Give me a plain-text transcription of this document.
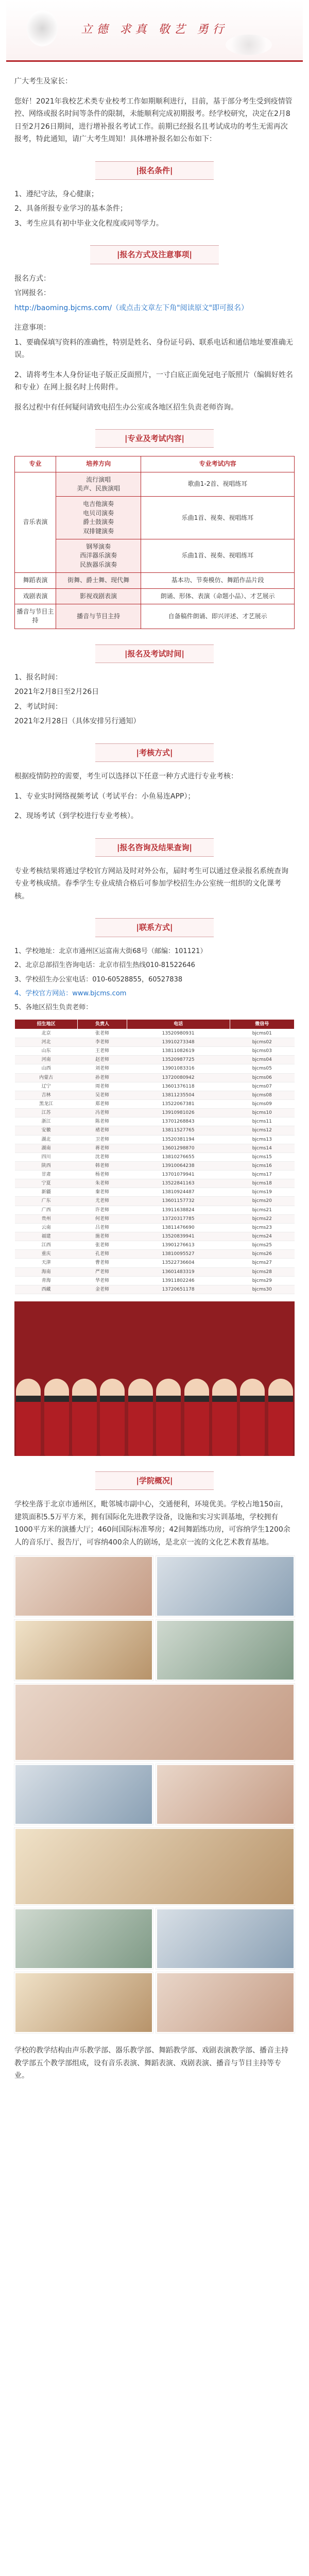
立德 求真 敬艺 勇行

广大考生及家长：

您好！2021年我校艺术类专业校考工作如期顺利进行，目前，基于部分考生受到疫情管控、网络或报名时间等条件的限制，未能顺利完成初期报考。经学校研究，决定在2月8日至2月26日期间，进行增补报名考试工作。前期已经报名且考试成功的考生无需再次报考，特此通知，请广大考生周知！具体增补报名如公布如下：

|报名条件|

1、遵纪守法，身心健康；

2、具备所报专业学习的基本条件；

3、考生应具有初中毕业文化程度或同等学力。

|报名方式及注意事项|

报名方式：

官网报名：

http://baoming.bjcms.com/（或点击文章左下角"阅读原文"即可报名）

注意事项：

1、要确保填写资料的准确性，特别是姓名、身份证号码、联系电话和通信地址要准确无误。

2、请将考生本人身份证电子版正反面照片，一寸白底正面免冠电子版照片（编辑好姓名和专业）在网上报名时上传附件。

报名过程中有任何疑问请致电招生办公室或各地区招生负责老师咨询。

|专业及考试内容|
专业	培养方向	专业考试内容
音乐表演	流行演唱
美声、民族演唱	歌曲1-2首、视唱练耳

	电吉他演奏
电贝司演奏
爵士鼓演奏
双排键演奏	乐曲1首、视奏、视唱练耳

	钢琴演奏
西洋器乐演奏
民族器乐演奏	乐曲1首、视奏、视唱练耳
舞蹈表演	街舞、爵士舞、现代舞	基本功、节奏模仿、舞蹈作品片段
戏剧表演	影视戏剧表演	朗诵、形体、表演（命题小品）、才艺展示
播音与节目主持	播音与节目主持	自备稿件朗诵、即兴评述、才艺展示
|报名及考试时间|

1、报名时间：

2021年2月8日至2月26日

2、考试时间：

2021年2月28日（具体安排另行通知）

|考核方式|

根据疫情防控的需要，考生可以选择以下任意一种方式进行专业考核：

1、专业实时网络视频考试（考试平台：小鱼易连APP）；

2、现场考试（到学校进行专业考核）。

|报名咨询及结果查询|

专业考核结果将通过学校官方网站及时对外公布，届时考生可以通过登录报名系统查询专业考核成绩。春季学生专业成绩合格后可参加学校招生办公室统一组织的文化课考核。

|联系方式|

1、学校地址：北京市通州区运富南大街68号（邮编：101121）

2、北京总部招生咨询电话：北京市招生热线010-81522646

3、学校招生办公室电话：010-60528855，60527838

4、学校官方网站：www.bjcms.com

5、各地区招生负责老师：

招生地区	负责人	电话	微信号
北京	张老师	13520980931	bjcms01
河北	李老师	13910273348	bjcms02
山东	王老师	13811082619	bjcms03
河南	赵老师	13520987725	bjcms04
山西	刘老师	13901083316	bjcms05
内蒙古	孙老师	13720080942	bjcms06
辽宁	周老师	13601376118	bjcms07
吉林	吴老师	13811235504	bjcms08
黑龙江	郑老师	13522067381	bjcms09
江苏	冯老师	13910981026	bjcms10
浙江	陈老师	13701268843	bjcms11
安徽	褚老师	13811527765	bjcms12
湖北	卫老师	13520381194	bjcms13
湖南	蒋老师	13601298870	bjcms14
四川	沈老师	13810276655	bjcms15
陕西	韩老师	13910064238	bjcms16
甘肃	杨老师	13701079941	bjcms17
宁夏	朱老师	13522841163	bjcms18
新疆	秦老师	13810924487	bjcms19
广东	尤老师	13601157732	bjcms20
广西	许老师	13911638824	bjcms21
贵州	何老师	13720317785	bjcms22
云南	吕老师	13811476690	bjcms23
福建	施老师	13520839941	bjcms24
江西	张老师	13901276613	bjcms25
重庆	孔老师	13810095527	bjcms26
天津	曹老师	13522736604	bjcms27
海南	严老师	13601483319	bjcms28
青海	华老师	13911802246	bjcms29
西藏	金老师	13720651178	bjcms30
|学院概况|

学校坐落于北京市通州区，毗邻城市副中心，交通便利，环境优美。学校占地150亩，建筑面积5.5万平方米，拥有国际化先进教学设备，设施和实习实训基地，学校拥有1000平方米的演播大厅；460间国际标准琴房；42间舞蹈练功房，可容纳学生1200余人的音乐厅、报告厅，可容纳400余人的剧场，是北京一流的文化艺术教育基地。

学校的教学结构由声乐教学部、器乐教学部、舞蹈教学部、戏剧表演教学部、播音主持教学部五个教学部组成，设有音乐表演、舞蹈表演、戏剧表演、播音与节目主持等专业。
